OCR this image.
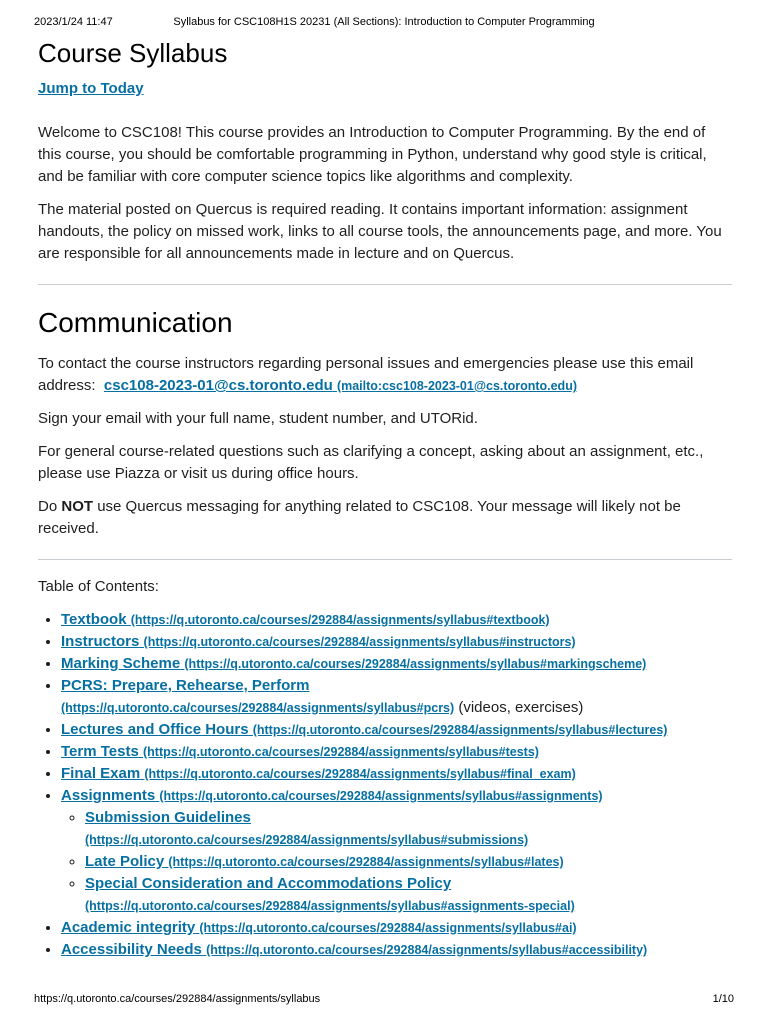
2023/1/24 11:47	Syllabus for CSC108H1S 20231 (All Sections): Introduction to Computer Programming
Course Syllabus
Jump to Today

Welcome to CSC108! This course provides an Introduction to Computer Programming. By the end of this course, you should be comfortable programming in Python, understand why good style is critical, and be familiar with core computer science topics like algorithms and complexity.

The material posted on Quercus is required reading. It contains important information: assignment handouts, the policy on missed work, links to all course tools, the announcements page, and more. You are responsible for all announcements made in lecture and on Quercus.

Communication

To contact the course instructors regarding personal issues and emergencies please use this email address: csc108-2023-01@cs.toronto.edu (mailto:csc108-2023-01@cs.toronto.edu)

Sign your email with your full name, student number, and UTORid.

For general course-related questions such as clarifying a concept, asking about an assignment, etc., please use Piazza or visit us during office hours.

Do NOT use Quercus messaging for anything related to CSC108. Your message will likely not be received.

Table of Contents:

• Textbook (https://q.utoronto.ca/courses/292884/assignments/syllabus#textbook)
• Instructors (https://q.utoronto.ca/courses/292884/assignments/syllabus#instructors)
• Marking Scheme (https://q.utoronto.ca/courses/292884/assignments/syllabus#markingscheme)
• PCRS: Prepare, Rehearse, Perform
(https://q.utoronto.ca/courses/292884/assignments/syllabus#pcrs) (videos, exercises)
• Lectures and Office Hours (https://q.utoronto.ca/courses/292884/assignments/syllabus#lectures)
• Term Tests (https://q.utoronto.ca/courses/292884/assignments/syllabus#tests)
• Final Exam (https://q.utoronto.ca/courses/292884/assignments/syllabus#final_exam)
• Assignments (https://q.utoronto.ca/courses/292884/assignments/syllabus#assignments)
◦ Submission Guidelines
(https://q.utoronto.ca/courses/292884/assignments/syllabus#submissions)
◦ Late Policy (https://q.utoronto.ca/courses/292884/assignments/syllabus#lates)
◦ Special Consideration and Accommodations Policy
(https://q.utoronto.ca/courses/292884/assignments/syllabus#assignments-special)
• Academic integrity (https://q.utoronto.ca/courses/292884/assignments/syllabus#ai)
• Accessibility Needs (https://q.utoronto.ca/courses/292884/assignments/syllabus#accessibility)
https://q.utoronto.ca/courses/292884/assignments/syllabus	1/10
